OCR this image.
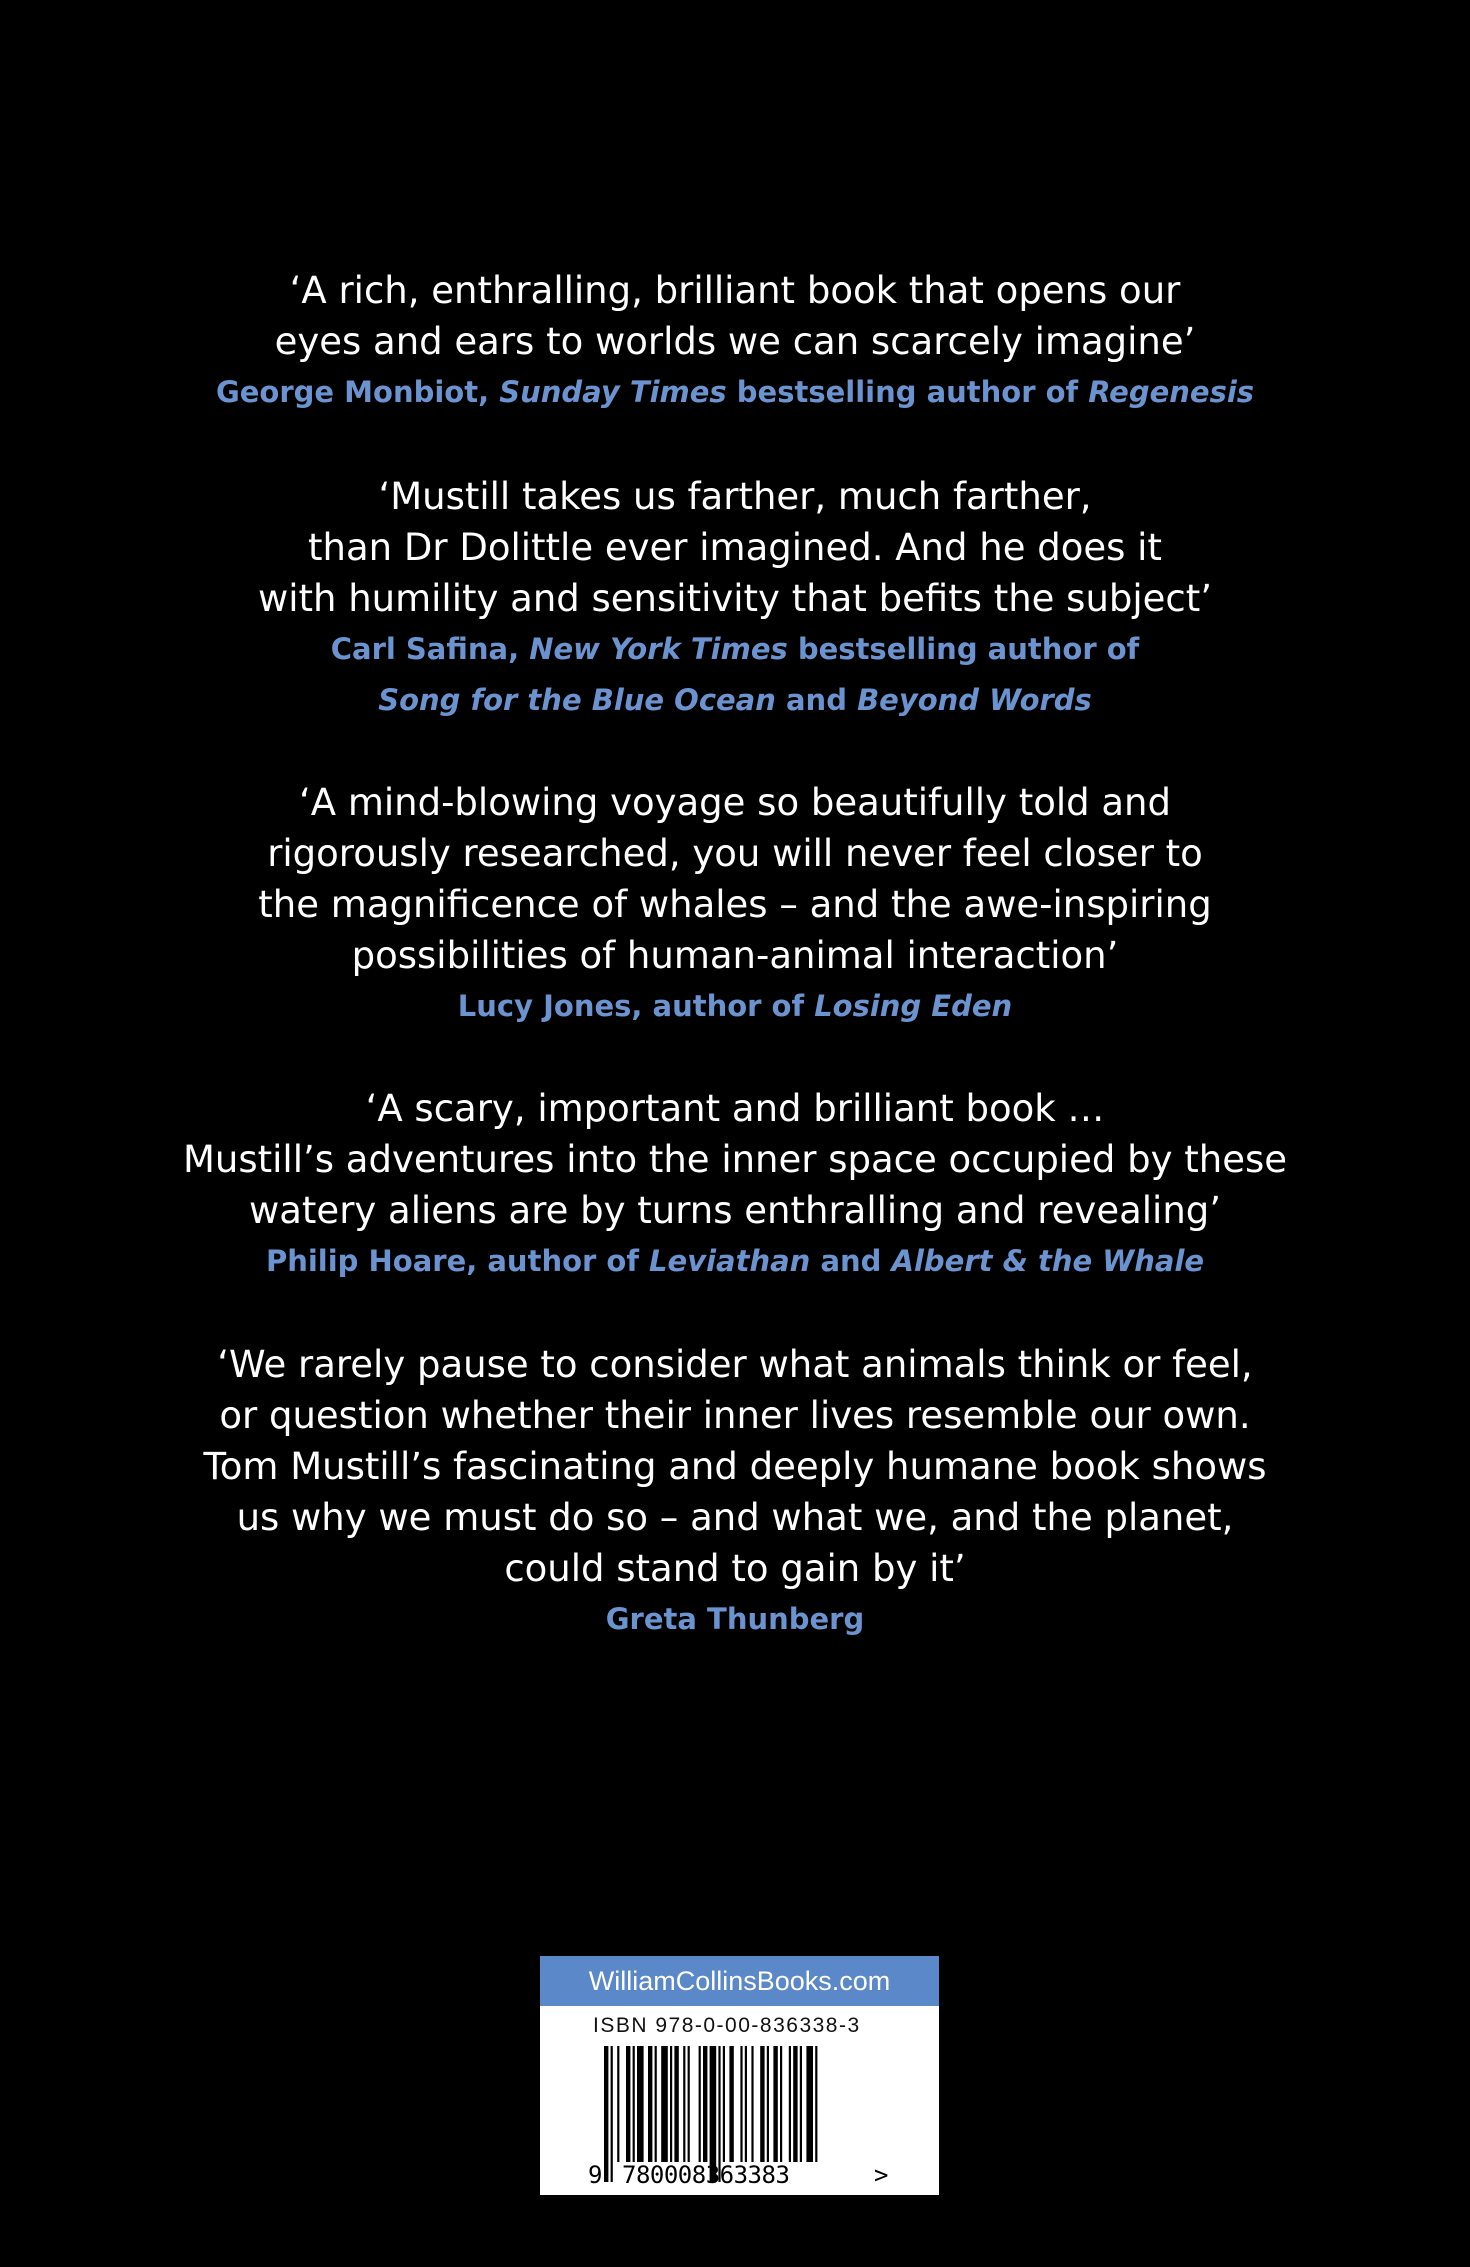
‘A rich, enthralling, brilliant book that opens our
eyes and ears to worlds we can scarcely imagine’
George Monbiot, Sunday Times bestselling author of Regenesis
‘Mustill takes us farther, much farther,
than Dr Dolittle ever imagined. And he does it
with humility and sensitivity that befits the subject’
Carl Safina, New York Times bestselling author of
Song for the Blue Ocean and Beyond Words
‘A mind-blowing voyage so beautifully told and
rigorously researched, you will never feel closer to
the magnificence of whales – and the awe-inspiring
possibilities of human-animal interaction’
Lucy Jones, author of Losing Eden
‘A scary, important and brilliant book …
Mustill’s adventures into the inner space occupied by these
watery aliens are by turns enthralling and revealing’
Philip Hoare, author of Leviathan and Albert & the Whale
‘We rarely pause to consider what animals think or feel,
or question whether their inner lives resemble our own.
Tom Mustill’s fascinating and deeply humane book shows
us why we must do so – and what we, and the planet,
could stand to gain by it’
Greta Thunberg
WilliamCollinsBooks.com
ISBN 978-0-00-836338-3
9 780008363383	>
